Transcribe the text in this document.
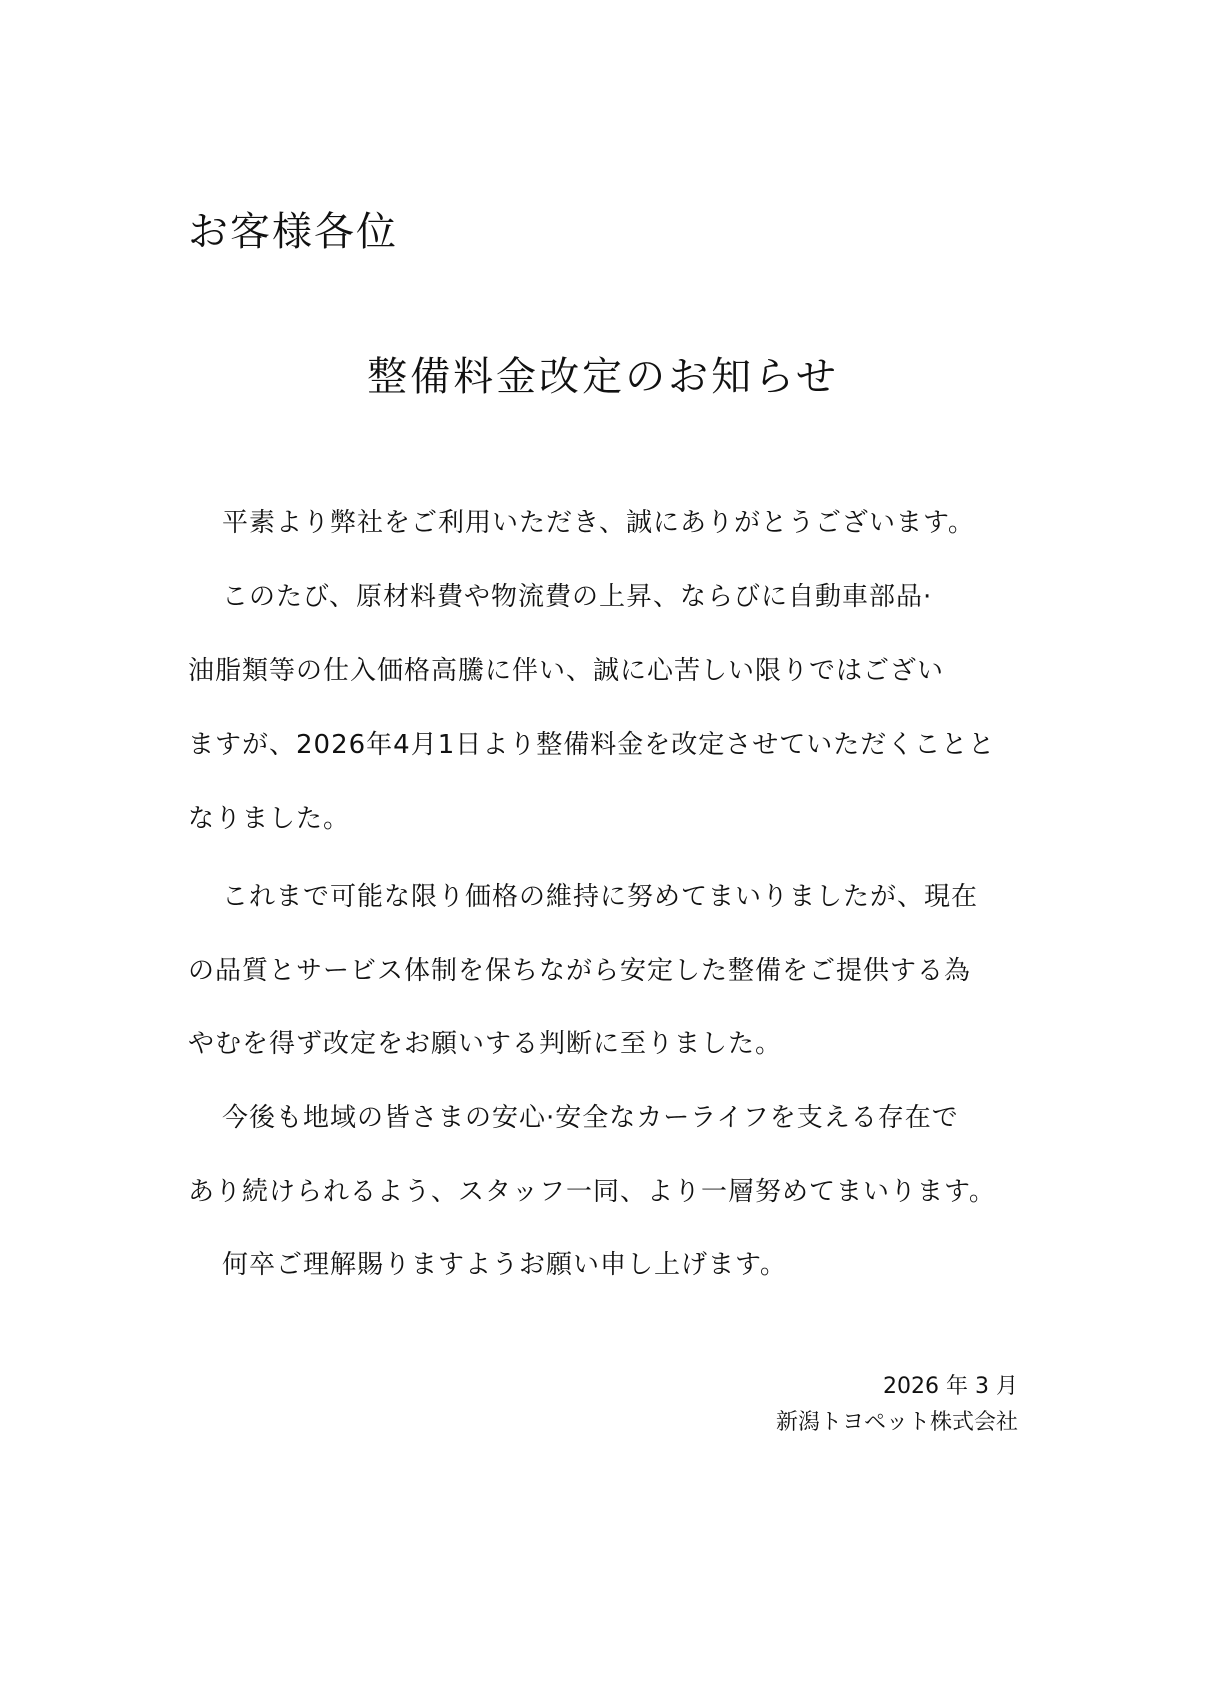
お客様各位
整備料金改定のお知らせ
平素より弊社をご利用いただき、誠にありがとうございます。
このたび、原材料費や物流費の上昇、ならびに自動車部品·
油脂類等の仕入価格高騰に伴い、誠に心苦しい限りではござい
ますが、2026年4月1日より整備料金を改定させていただくことと
なりました。
これまで可能な限り価格の維持に努めてまいりましたが、現在
の品質とサービス体制を保ちながら安定した整備をご提供する為
やむを得ず改定をお願いする判断に至りました。
今後も地域の皆さまの安心·安全なカーライフを支える存在で
あり続けられるよう、スタッフ一同、より一層努めてまいります。
何卒ご理解賜りますようお願い申し上げます。
2026 年 3 月
新潟トヨペット株式会社
